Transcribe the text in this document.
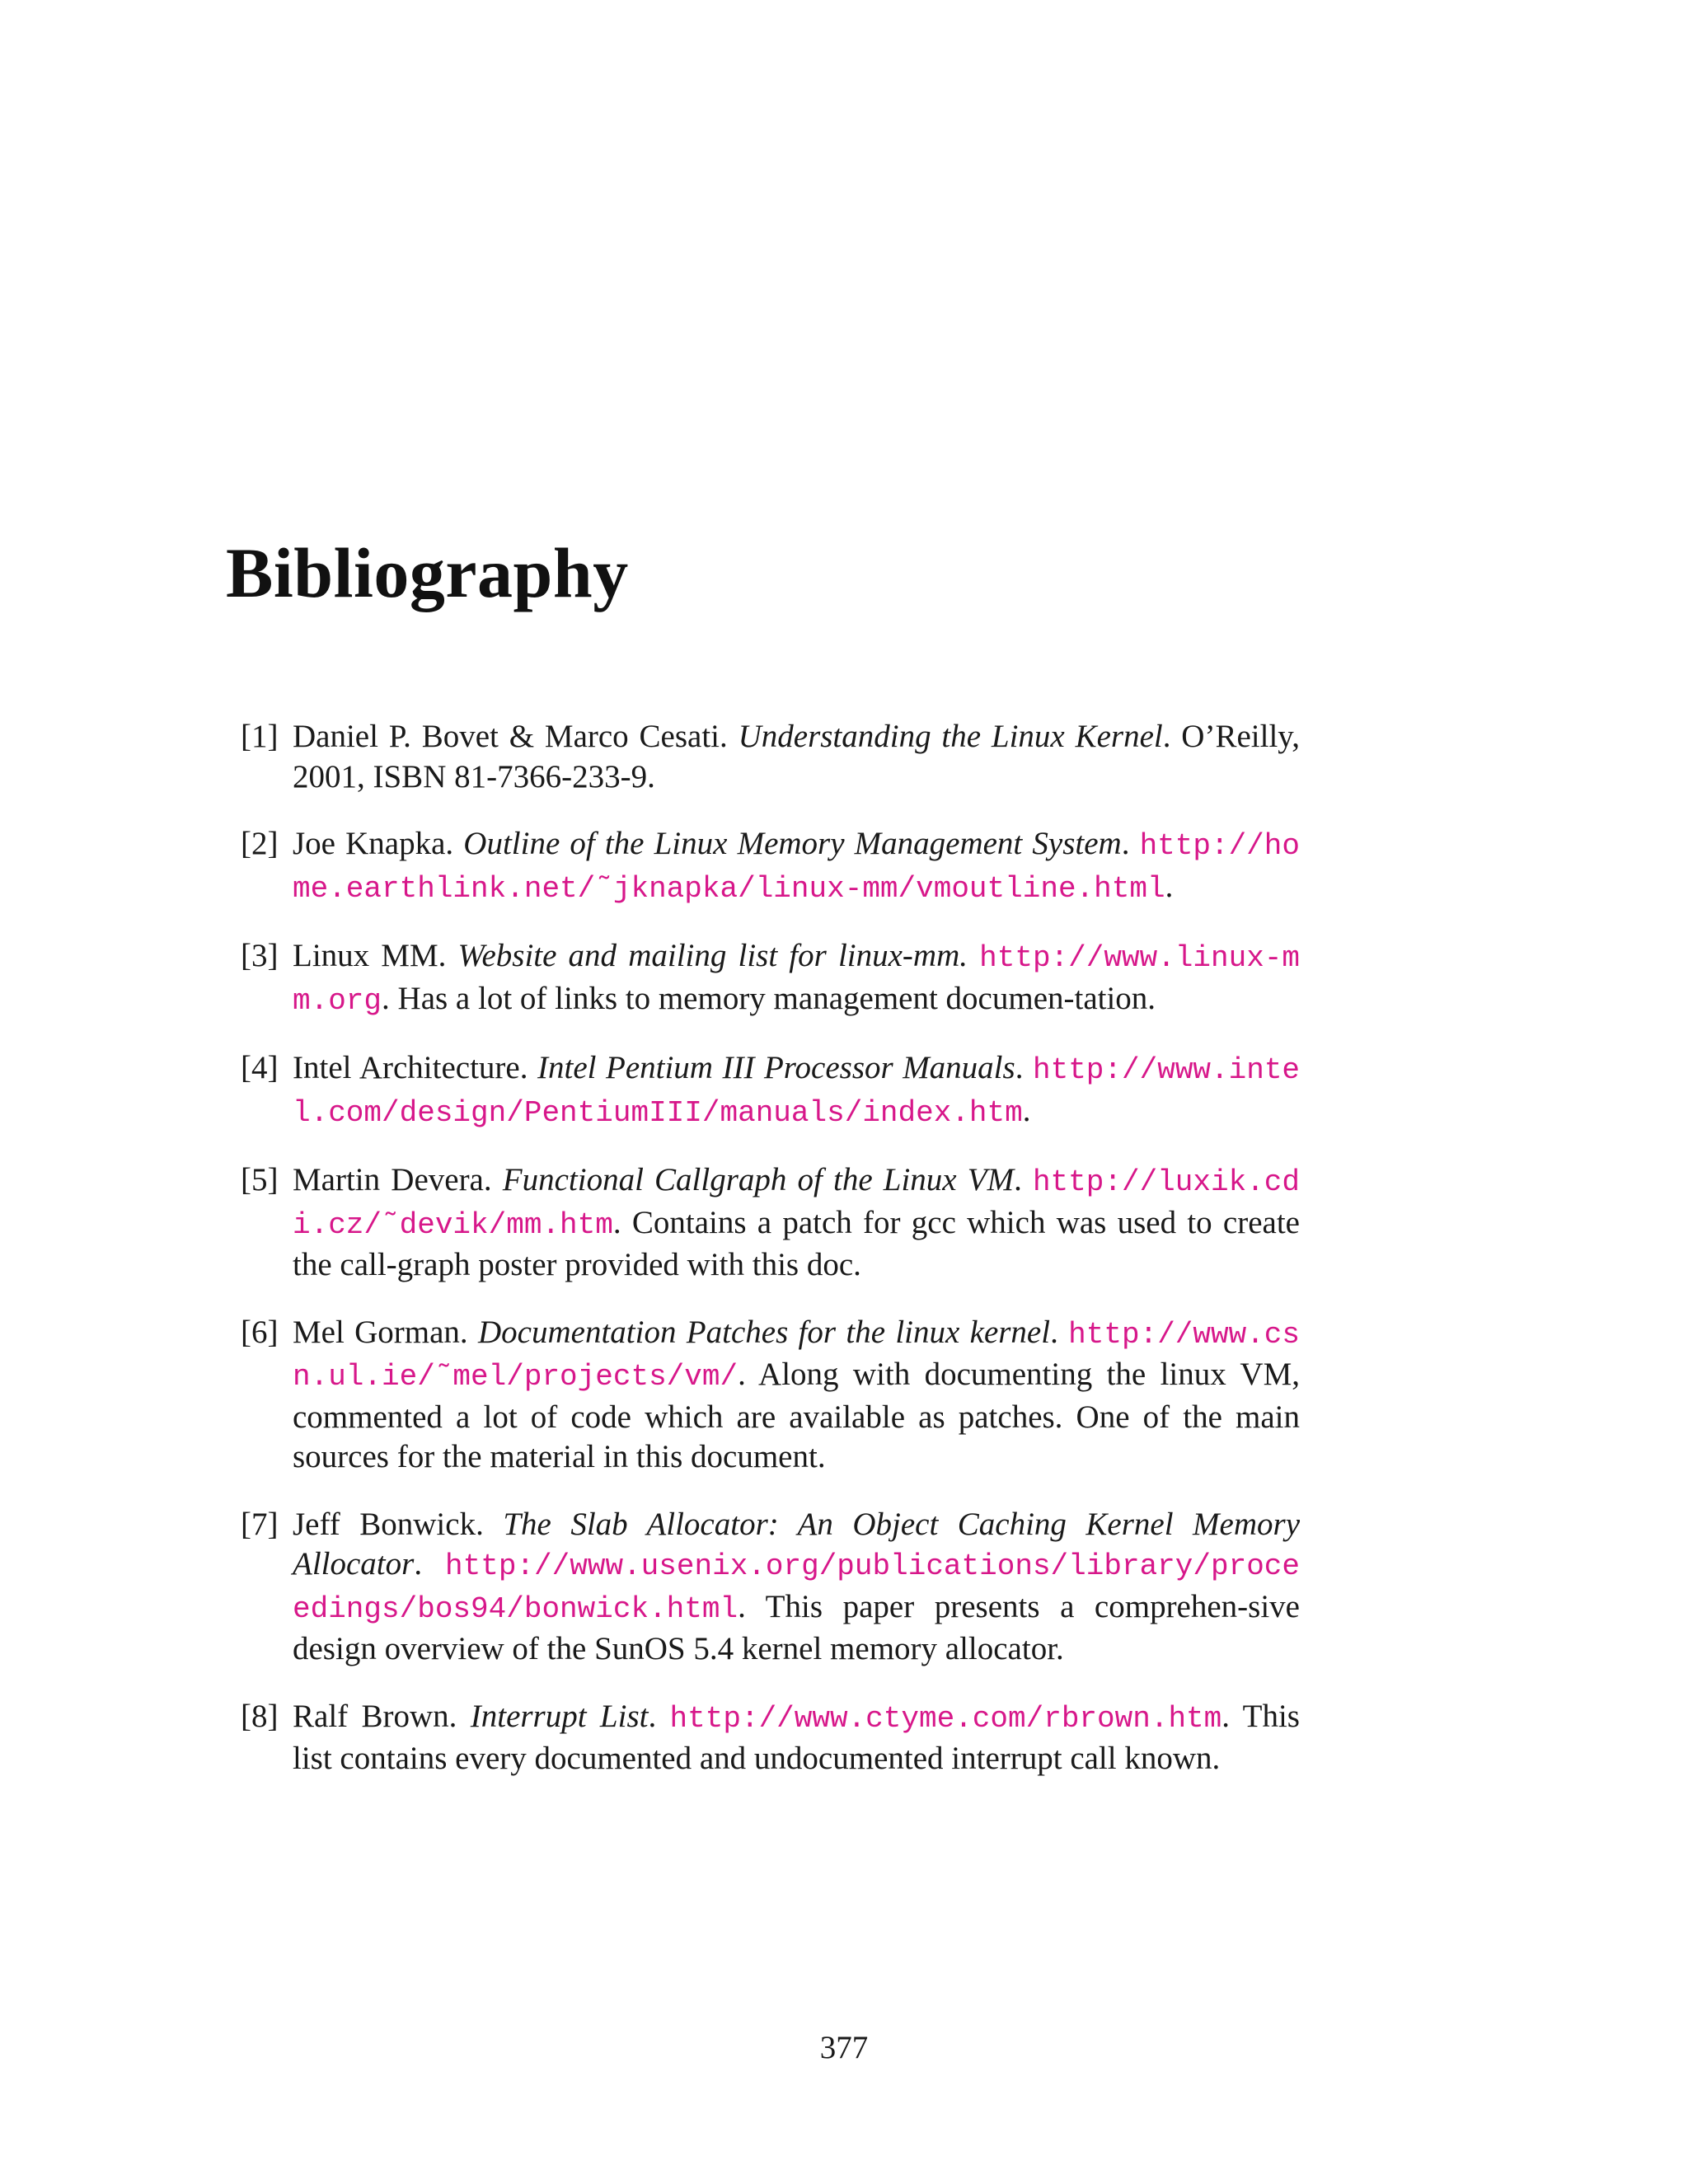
Bibliography
[1] Daniel P. Bovet & Marco Cesati. Understanding the Linux Kernel. O’Reilly, 2001, ISBN 81-7366-233-9.
[2] Joe Knapka. Outline of the Linux Memory Management System. http://home.earthlink.net/˜jknapka/linux-mm/vmoutline.html.
[3] Linux MM. Website and mailing list for linux-mm. http://www.linux-mm.org. Has a lot of links to memory management documen-tation.
[4] Intel Architecture. Intel Pentium III Processor Manuals. http://www.intel.com/design/PentiumIII/manuals/index.htm.
[5] Martin Devera. Functional Callgraph of the Linux VM. http://luxik.cdi.cz/˜devik/mm.htm. Contains a patch for gcc which was used to create the call-graph poster provided with this doc.
[6] Mel Gorman. Documentation Patches for the linux kernel. http://www.csn.ul.ie/˜mel/projects/vm/. Along with documenting the linux VM, commented a lot of code which are available as patches. One of the main sources for the material in this document.
[7] Jeff Bonwick. The Slab Allocator: An Object Caching Kernel Memory Allocator. http://www.usenix.org/publications/library/proceedings/bos94/bonwick.html. This paper presents a comprehen-sive design overview of the SunOS 5.4 kernel memory allocator.
[8] Ralf Brown. Interrupt List. http://www.ctyme.com/rbrown.htm. This list contains every documented and undocumented interrupt call known.

377
